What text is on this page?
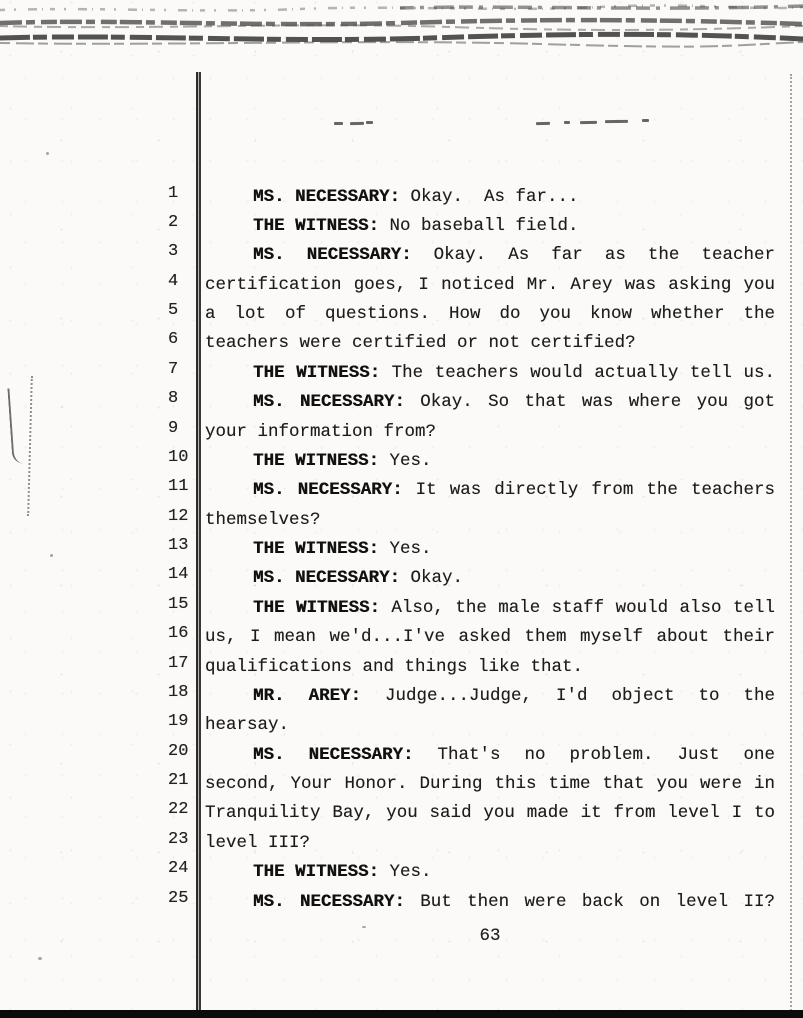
1	MS. NECESSARY: Okay.  As far...
2	THE WITNESS: No baseball field.
3	MS. NECESSARY: Okay. As far as the teacher
4	certification goes, I noticed Mr. Arey was asking you
5	a lot of questions. How do you know whether the
6	teachers were certified or not certified?
7	THE WITNESS: The teachers would actually tell us.
8	MS. NECESSARY: Okay. So that was where you got
9	your information from?
10	THE WITNESS: Yes.
11	MS. NECESSARY: It was directly from the teachers
12 themselves?
13	THE WITNESS: Yes.
14	MS. NECESSARY: Okay.
15	THE WITNESS: Also, the male staff would also tell
16 us, I mean we'd...I've asked them myself about their
17 qualifications and things like that.
18	MR. AREY: Judge...Judge, I'd object to the
19 hearsay.
20	MS. NECESSARY: That's no problem. Just one
21 second, Your Honor. During this time that you were in
22 Tranquility Bay, you said you made it from level I to
23 level III?
24	THE WITNESS: Yes.
25	MS. NECESSARY: But then were back on level II?
63
